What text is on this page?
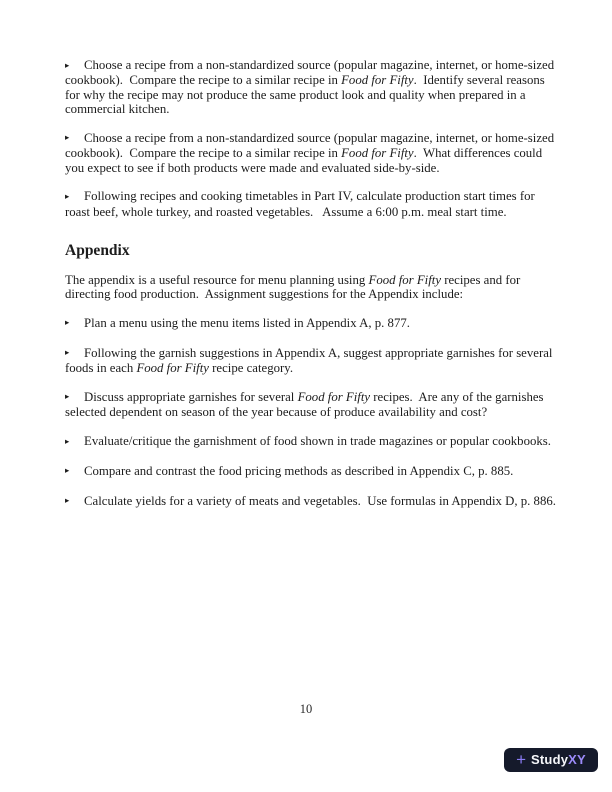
▸ Choose a recipe from a non-standardized source (popular magazine, internet, or home-sized cookbook).  Compare the recipe to a similar recipe in Food for Fifty.  Identify several reasons for why the recipe may not produce the same product look and quality when prepared in a commercial kitchen.

▸ Choose a recipe from a non-standardized source (popular magazine, internet, or home-sized cookbook).  Compare the recipe to a similar recipe in Food for Fifty.  What differences could you expect to see if both products were made and evaluated side-by-side.

▸ Following recipes and cooking timetables in Part IV, calculate production start times for roast beef, whole turkey, and roasted vegetables.   Assume a 6:00 p.m. meal start time.

Appendix

The appendix is a useful resource for menu planning using Food for Fifty recipes and for directing food production.  Assignment suggestions for the Appendix include:

▸ Plan a menu using the menu items listed in Appendix A, p. 877.

▸ Following the garnish suggestions in Appendix A, suggest appropriate garnishes for several foods in each Food for Fifty recipe category.

▸ Discuss appropriate garnishes for several Food for Fifty recipes.  Are any of the garnishes selected dependent on season of the year because of produce availability and cost?

▸ Evaluate/critique the garnishment of food shown in trade magazines or popular cookbooks.

▸ Compare and contrast the food pricing methods as described in Appendix C, p. 885.

▸ Calculate yields for a variety of meats and vegetables.  Use formulas in Appendix D, p. 886.

10
+ StudyXY
